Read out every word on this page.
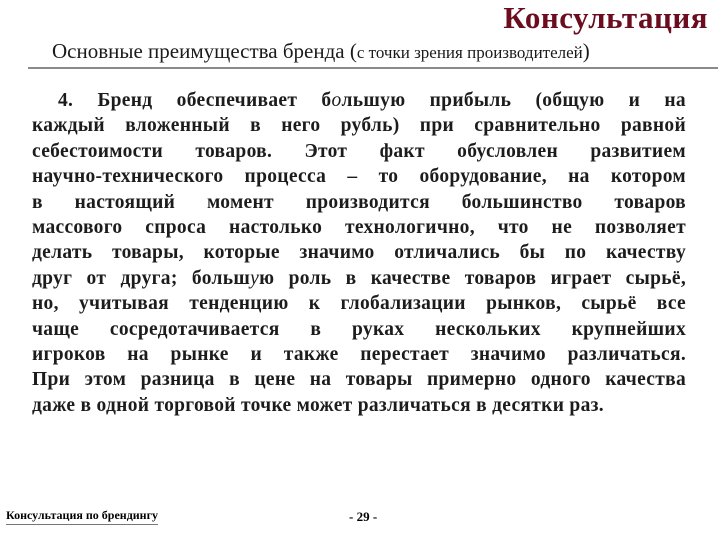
Консультация
Основные преимущества бренда (с точки зрения производителей)
4. Бренд обеспечивает большую прибыль (общую и на
каждый вложенный в него рубль) при сравнительно равной
себестоимости товаров. Этот факт обусловлен развитием
научно-технического процесса – то оборудование, на котором
в настоящий момент производится большинство товаров
массового спроса настолько технологично, что не позволяет
делать товары, которые значимо отличались бы по качеству
друг от друга; большую роль в качестве товаров играет сырьё,
но, учитывая тенденцию к глобализации рынков, сырьё все
чаще сосредотачивается в руках нескольких крупнейших
игроков на рынке и также перестает значимо различаться.
При этом разница в цене на товары примерно одного качества
даже в одной торговой точке может различаться в десятки раз.
Консультация по брендингу	- 29 -
